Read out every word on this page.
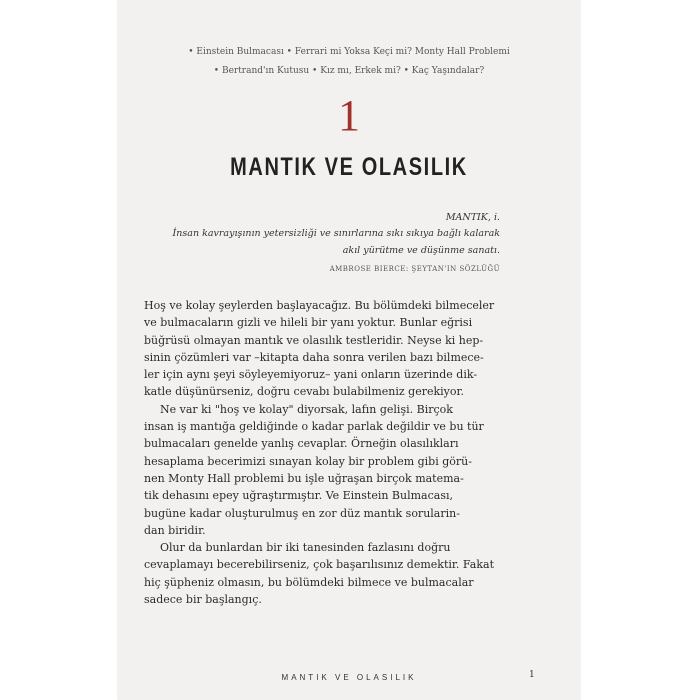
• Einstein Bulmacası • Ferrari mi Yoksa Keçi mi? Monty Hall Problemi
• Bertrand'ın Kutusu • Kız mı, Erkek mi? • Kaç Yaşındalar?
1
MANTIK VE OLASILIK
MANTIK, i.
İnsan kavrayışının yetersizliği ve sınırlarına sıkı sıkıya bağlı kalarak
akıl yürütme ve düşünme sanatı.
AMBROSE BIERCE: ŞEYTAN'IN SÖZLÜĞÜ

Hoş ve kolay şeylerden başlayacağız. Bu bölümdeki bilmeceler
ve bulmacaların gizli ve hileli bir yanı yoktur. Bunlar eğrisi
büğrüsü olmayan mantık ve olasılık testleridir. Neyse ki hep-
sinin çözümleri var –kitapta daha sonra verilen bazı bilmece-
ler için aynı şeyi söyleyemiyoruz– yani onların üzerinde dik-
katle düşünürseniz, doğru cevabı bulabilmeniz gerekiyor.

Ne var ki "hoş ve kolay" diyorsak, lafın gelişi. Birçok
insan iş mantığa geldiğinde o kadar parlak değildir ve bu tür
bulmacaları genelde yanlış cevaplar. Örneğin olasılıkları
hesaplama becerimizi sınayan kolay bir problem gibi görü-
nen Monty Hall problemi bu işle uğraşan birçok matema-
tik dehasını epey uğraştırmıştır. Ve Einstein Bulmacası,
bugüne kadar oluşturulmuş en zor düz mantık sorularin-
dan biridir.

Olur da bunlardan bir iki tanesinden fazlasını doğru
cevaplamayı becerebilirseniz, çok başarılısınız demektir. Fakat
hiç şüpheniz olmasın, bu bölümdeki bilmece ve bulmacalar
sadece bir başlangıç.

MANTIK VE OLASILIK	1
